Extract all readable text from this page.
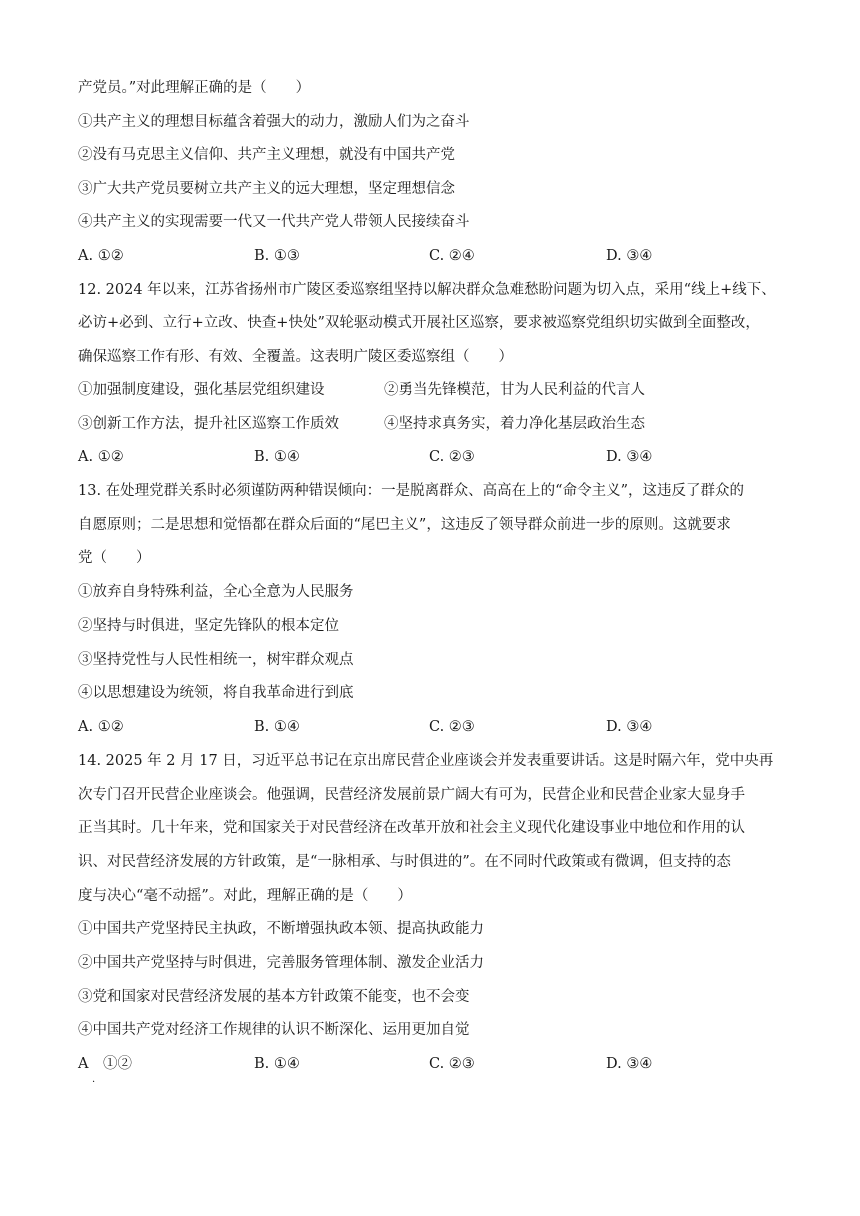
产党员。”对此理解正确的是（　　）
①共产主义的理想目标蕴含着强大的动力，激励人们为之奋斗
②没有马克思主义信仰、共产主义理想，就没有中国共产党
③广大共产党员要树立共产主义的远大理想，坚定理想信念
④共产主义的实现需要一代又一代共产党人带领人民接续奋斗
A. ①②	B. ①③	C. ②④	D. ③④
12. 2024 年以来，江苏省扬州市广陵区委巡察组坚持以解决群众急难愁盼问题为切入点，采用“线上+线下、
必访+必到、立行+立改、快查+快处”双轮驱动模式开展社区巡察，要求被巡察党组织切实做到全面整改，
确保巡察工作有形、有效、全覆盖。这表明广陵区委巡察组（　　）
①加强制度建设，强化基层党组织建设	②勇当先锋模范，甘为人民利益的代言人
③创新工作方法，提升社区巡察工作质效	④坚持求真务实，着力净化基层政治生态
A. ①②	B. ①④	C. ②③	D. ③④
13. 在处理党群关系时必须谨防两种错误倾向：一是脱离群众、高高在上的“命令主义”，这违反了群众的
自愿原则；二是思想和觉悟都在群众后面的“尾巴主义”，这违反了领导群众前进一步的原则。这就要求
党（　　）
①放弃自身特殊利益，全心全意为人民服务
②坚持与时俱进，坚定先锋队的根本定位
③坚持党性与人民性相统一，树牢群众观点
④以思想建设为统领，将自我革命进行到底
A. ①②	B. ①④	C. ②③	D. ③④
14. 2025 年 2 月 17 日，习近平总书记在京出席民营企业座谈会并发表重要讲话。这是时隔六年，党中央再
次专门召开民营企业座谈会。他强调，民营经济发展前景广阔大有可为，民营企业和民营企业家大显身手
正当其时。几十年来，党和国家关于对民营经济在改革开放和社会主义现代化建设事业中地位和作用的认
识、对民营经济发展的方针政策，是“一脉相承、与时俱进的”。在不同时代政策或有微调，但支持的态
度与决心“毫不动摇”。对此，理解正确的是（　　）
①中国共产党坚持民主执政，不断增强执政本领、提高执政能力
②中国共产党坚持与时俱进，完善服务管理体制、激发企业活力
③党和国家对民营经济发展的基本方针政策不能变，也不会变
④中国共产党对经济工作规律的认识不断深化、运用更加自觉
A　①②	B. ①④	C. ②③	D. ③④
·
